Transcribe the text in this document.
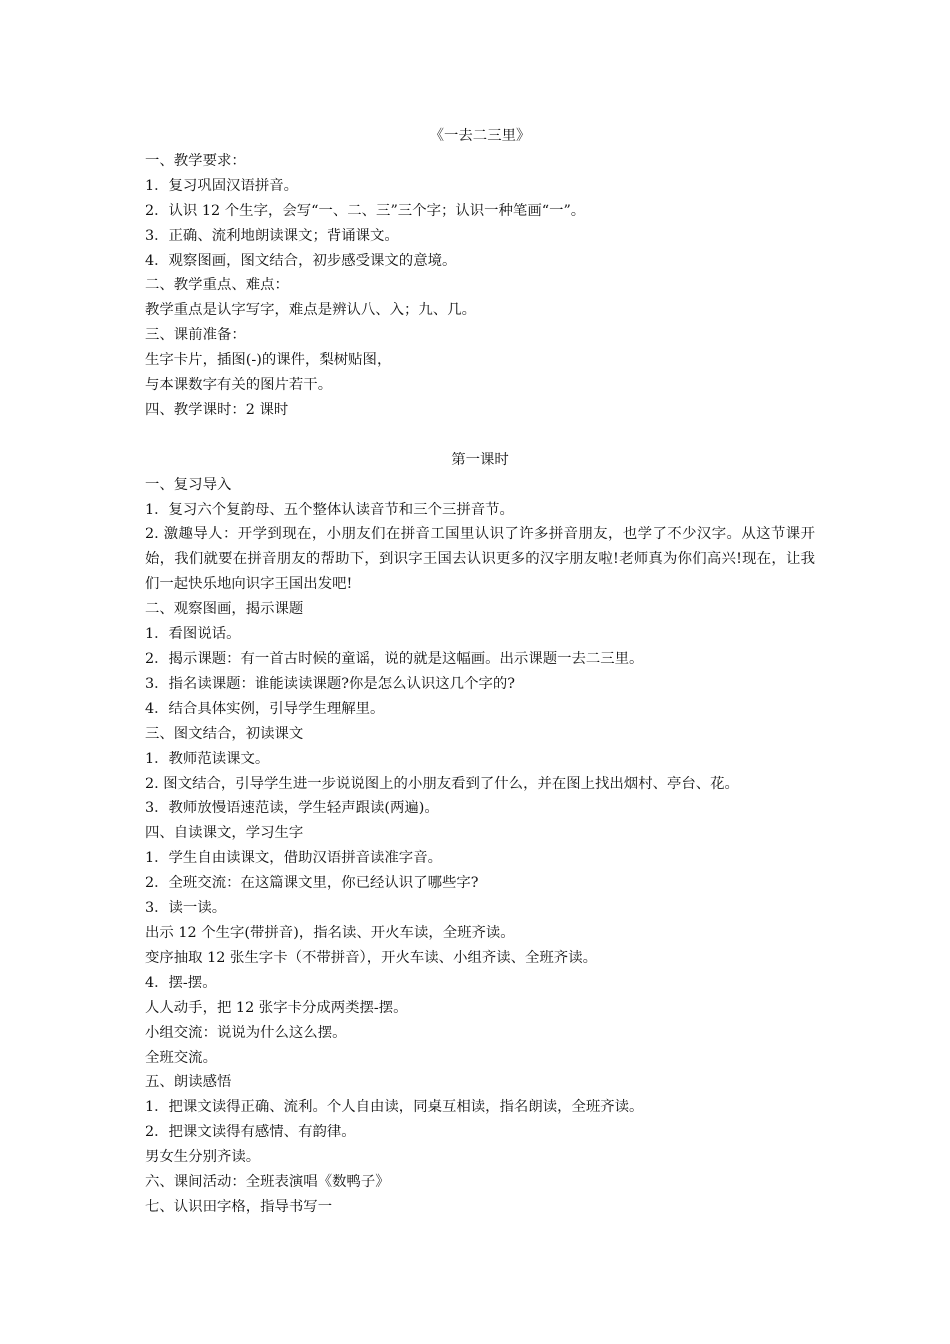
《一去二三里》

一、教学要求：

1．复习巩固汉语拼音。

2．认识 12 个生字，会写“一、二、三”三个字；认识一种笔画“一”。

3．正确、流利地朗读课文；背诵课文。

4．观察图画，图文结合，初步感受课文的意境。

二、教学重点、难点：

教学重点是认字写字，难点是辨认八、入；九、几。

三、课前准备：

生字卡片，插图(-)的课件，梨树贴图，

与本课数字有关的图片若干。

四、教学课时：2 课时

第一课时

一、复习导入

1．复习六个复韵母、五个整体认读音节和三个三拼音节。

2. 激趣导人：开学到现在，小朋友们在拼音工国里认识了许多拼音朋友，也学了不少汉字。从这节课开始，我们就要在拼音朋友的帮助下，到识字王国去认识更多的汉字朋友啦!老师真为你们高兴!现在，让我们一起快乐地向识字王国出发吧!

二、观察图画，揭示课题

1．看图说话。

2．揭示课题：有一首古时候的童谣，说的就是这幅画。出示课题一去二三里。

3．指名读课题：谁能读读课题?你是怎么认识这几个字的?

4．结合具体实例，引导学生理解里。

三、图文结合，初读课文

1．教师范读课文。

2. 图文结合，引导学生进一步说说图上的小朋友看到了什么，并在图上找出烟村、亭台、花。

3．教师放慢语速范读，学生轻声跟读(两遍)。

四、自读课文，学习生字

1．学生自由读课文，借助汉语拼音读准字音。

2．全班交流：在这篇课文里，你已经认识了哪些字?

3．读一读。

出示 12 个生字(带拼音)，指名读、开火车读，全班齐读。

变序抽取 12 张生字卡（不带拼音），开火车读、小组齐读、全班齐读。

4．摆-摆。

人人动手，把 12 张字卡分成两类摆-摆。

小组交流：说说为什么这么摆。

全班交流。

五、朗读感悟

1．把课文读得正确、流利。个人自由读，同桌互相读，指名朗读，全班齐读。

2．把课文读得有感情、有韵律。

男女生分别齐读。

六、课间活动：全班表演唱《数鸭子》

七、认识田字格，指导书写一
